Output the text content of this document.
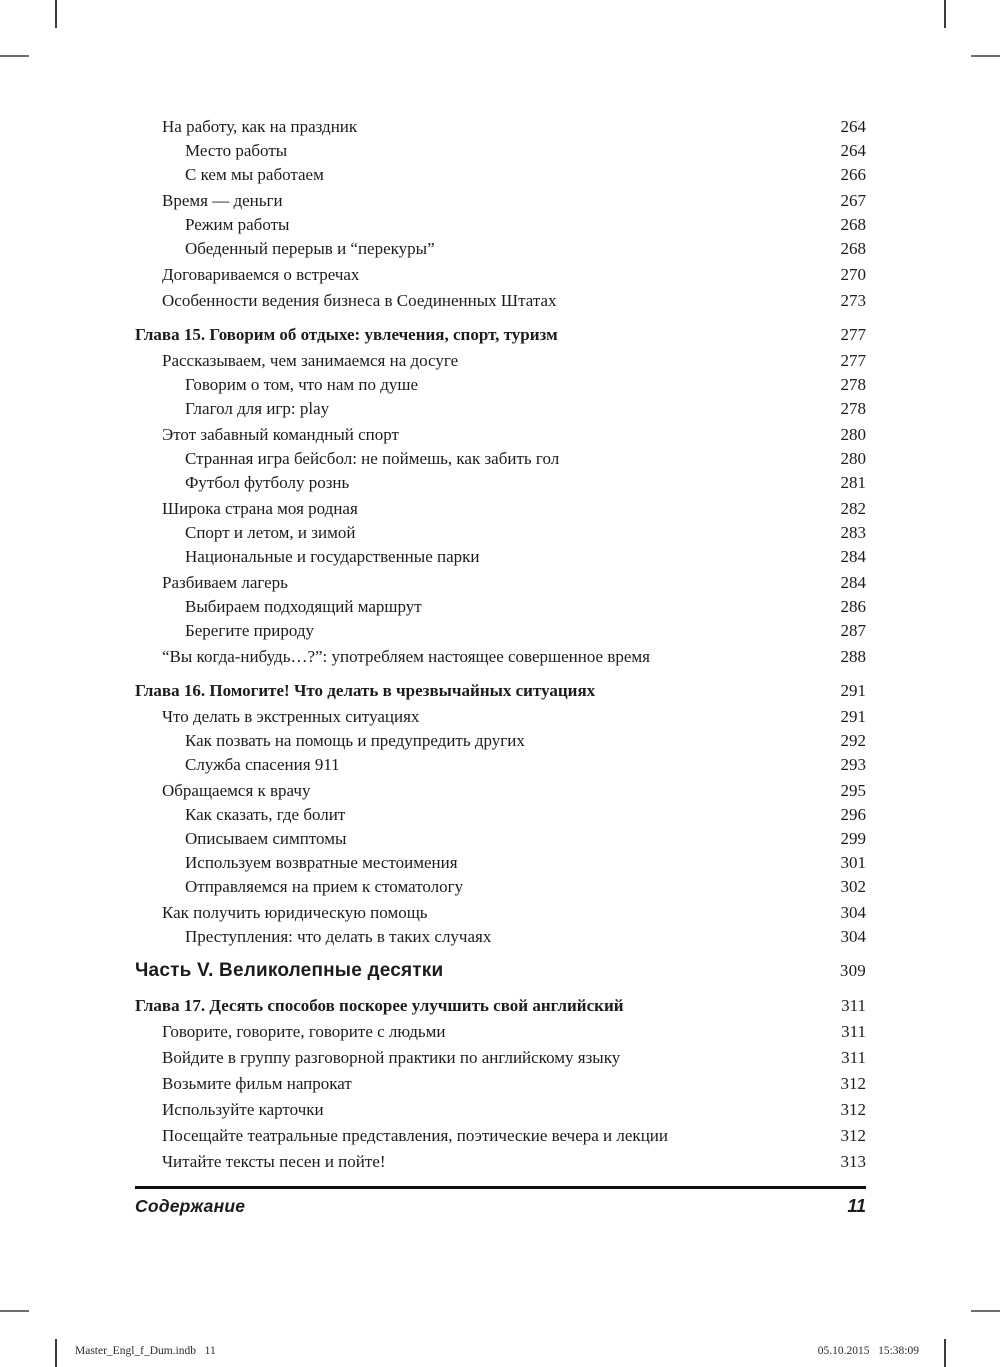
На работу, как на праздник	264
Место работы	264
С кем мы работаем	266
Время — деньги	267
Режим работы	268
Обеденный перерыв и “перекуры”	268
Договариваемся о встречах	270
Особенности ведения бизнеса в Соединенных Штатах	273
Глава 15. Говорим об отдыхе: увлечения, спорт, туризм	277
Рассказываем, чем занимаемся на досуге	277
Говорим о том, что нам по душе	278
Глагол для игр: play	278
Этот забавный командный спорт	280
Странная игра бейсбол: не поймешь, как забить гол	280
Футбол футболу рознь	281
Широка страна моя родная	282
Спорт и летом, и зимой	283
Национальные и государственные парки	284
Разбиваем лагерь	284
Выбираем подходящий маршрут	286
Берегите природу	287
“Вы когда-нибудь…?”: употребляем настоящее совершенное время	288
Глава 16. Помогите! Что делать в чрезвычайных ситуациях	291
Что делать в экстренных ситуациях	291
Как позвать на помощь и предупредить других	292
Служба спасения 911	293
Обращаемся к врачу	295
Как сказать, где болит	296
Описываем симптомы	299
Используем возвратные местоимения	301
Отправляемся на прием к стоматологу	302
Как получить юридическую помощь	304
Преступления: что делать в таких случаях	304
Часть V. Великолепные десятки	309
Глава 17. Десять способов поскорее улучшить свой английский	311
Говорите, говорите, говорите с людьми	311
Войдите в группу разговорной практики по английскому языку	311
Возьмите фильм напрокат	312
Используйте карточки	312
Посещайте театральные представления, поэтические вечера и лекции	312
Читайте тексты песен и пойте!	313
Содержание	11
Master_Engl_f_Dum.indb   11	05.10.2015   15:38:09
